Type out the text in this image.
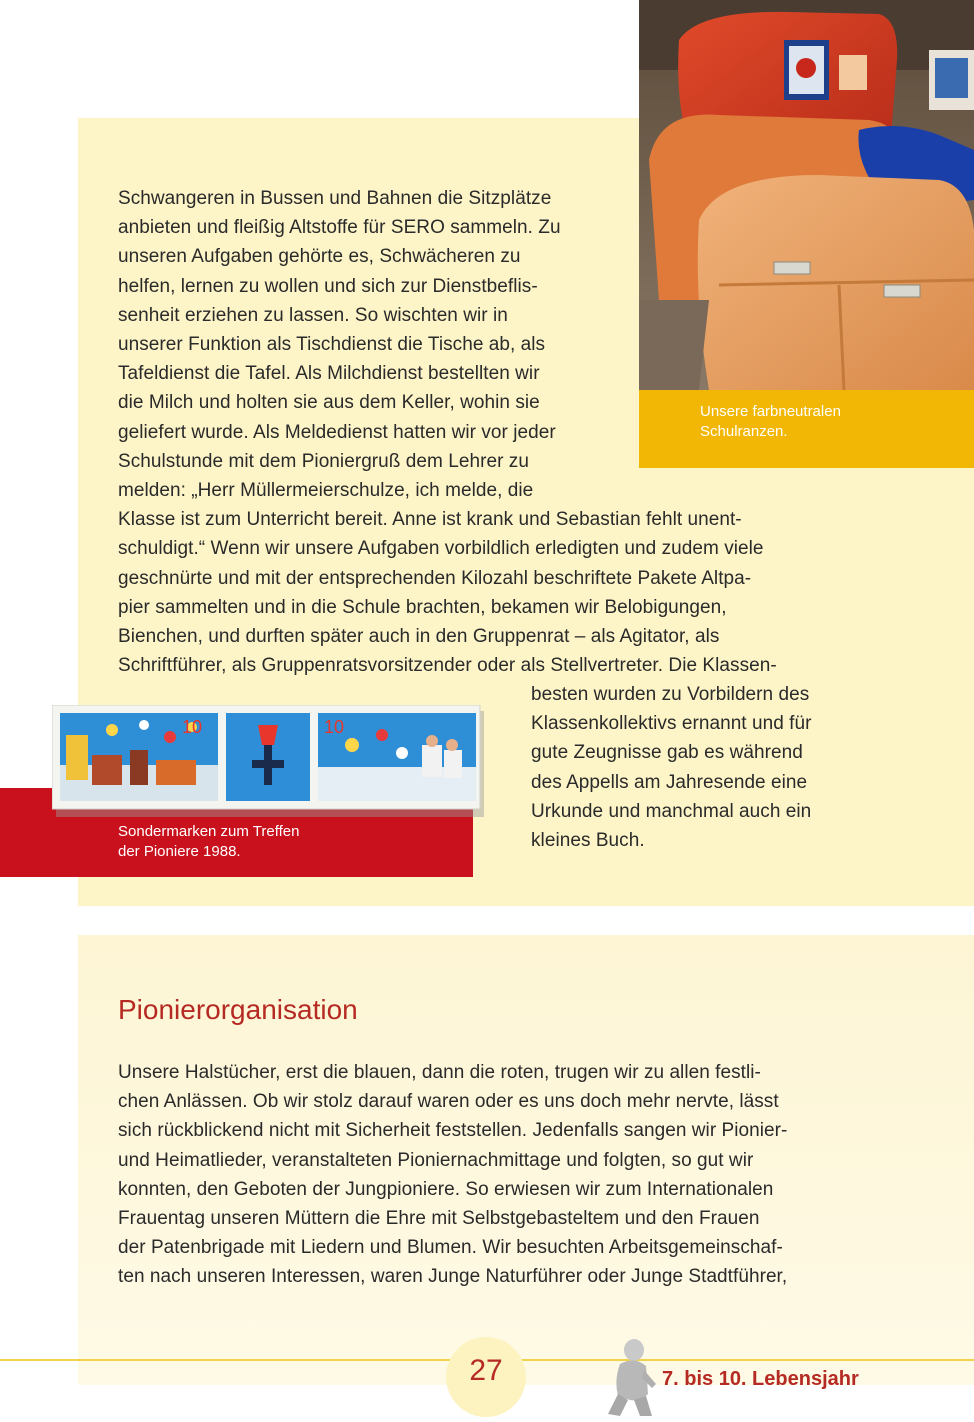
Unsere farbneutralen
Schulranzen.
Schwangeren in Bussen und Bahnen die Sitzplätze
anbieten und fleißig Altstoffe für SERO sammeln. Zu
unseren Aufgaben gehörte es, Schwächeren zu
helfen, lernen zu wollen und sich zur Dienstbeflis-
senheit erziehen zu lassen. So wischten wir in
unserer Funktion als Tischdienst die Tische ab, als
Tafeldienst die Tafel. Als Milchdienst bestellten wir
die Milch und holten sie aus dem Keller, wohin sie
geliefert wurde. Als Meldedienst hatten wir vor jeder
Schulstunde mit dem Pioniergruß dem Lehrer zu
melden: „Herr Müllermeierschulze, ich melde, die
Klasse ist zum Unterricht bereit. Anne ist krank und Sebastian fehlt unent-
schuldigt.“ Wenn wir unsere Aufgaben vorbildlich erledigten und zudem viele
geschnürte und mit der entsprechenden Kilozahl beschriftete Pakete Altpa-
pier sammelten und in die Schule brachten, bekamen wir Belobigungen,
Bienchen, und durften später auch in den Gruppenrat – als Agitator, als
Schriftführer, als Gruppenratsvorsitzender oder als Stellvertreter. Die Klassen-
besten wurden zu Vorbildern des
Klassenkollektivs ernannt und für
gute Zeugnisse gab es während
des Appells am Jahresende eine
Urkunde und manchmal auch ein
kleines Buch.
10	10
Sondermarken zum Treffen
der Pioniere 1988.
Pionierorganisation
Unsere Halstücher, erst die blauen, dann die roten, trugen wir zu allen festli-
chen Anlässen. Ob wir stolz darauf waren oder es uns doch mehr nervte, lässt
sich rückblickend nicht mit Sicherheit feststellen. Jedenfalls sangen wir Pionier-
und Heimatlieder, veranstalteten Pioniernachmittage und folgten, so gut wir
konnten, den Geboten der Jungpioniere. So erwiesen wir zum Internationalen
Frauentag unseren Müttern die Ehre mit Selbstgebasteltem und den Frauen
der Patenbrigade mit Liedern und Blumen. Wir besuchten Arbeitsgemeinschaf-
ten nach unseren Interessen, waren Junge Naturführer oder Junge Stadtführer,
27	7. bis 10. Lebensjahr
